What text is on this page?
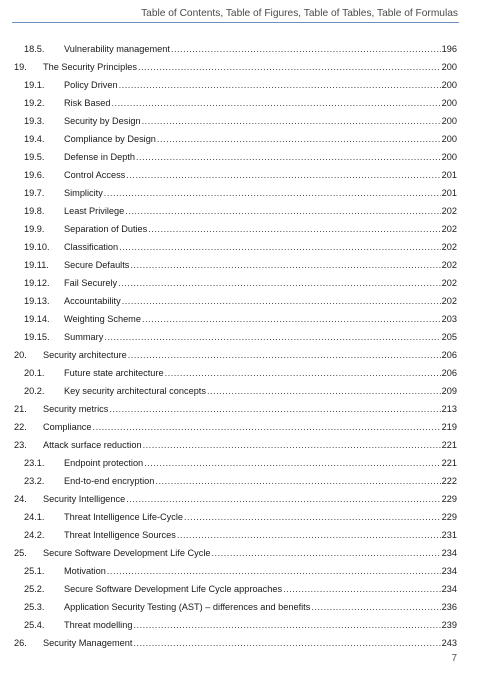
Table of Contents, Table of Figures, Table of Tables, Table of Formulas
18.5. Vulnerability management .....	196
19. The Security Principles .....	200
19.1. Policy Driven .....	200
19.2. Risk Based .....	200
19.3. Security by Design .....	200
19.4. Compliance by Design .....	200
19.5. Defense in Depth .....	200
19.6. Control Access .....	201
19.7. Simplicity .....	201
19.8. Least Privilege .....	202
19.9. Separation of Duties .....	202
19.10. Classification .....	202
19.11. Secure Defaults .....	202
19.12. Fail Securely .....	202
19.13. Accountability .....	202
19.14. Weighting Scheme .....	203
19.15. Summary .....	205
20. Security architecture .....	206
20.1. Future state architecture .....	206
20.2. Key security architectural concepts .....	209
21. Security metrics .....	213
22. Compliance .....	219
23. Attack surface reduction .....	221
23.1. Endpoint protection .....	221
23.2. End-to-end encryption .....	222
24. Security Intelligence .....	229
24.1. Threat Intelligence Life-Cycle .....	229
24.2. Threat Intelligence Sources .....	231
25. Secure Software Development Life Cycle .....	234
25.1. Motivation .....	234
25.2. Secure Software Development Life Cycle approaches .....	234
25.3. Application Security Testing (AST) – differences and benefits .....	236
25.4. Threat modelling .....	239
26. Security Management .....	243
7
